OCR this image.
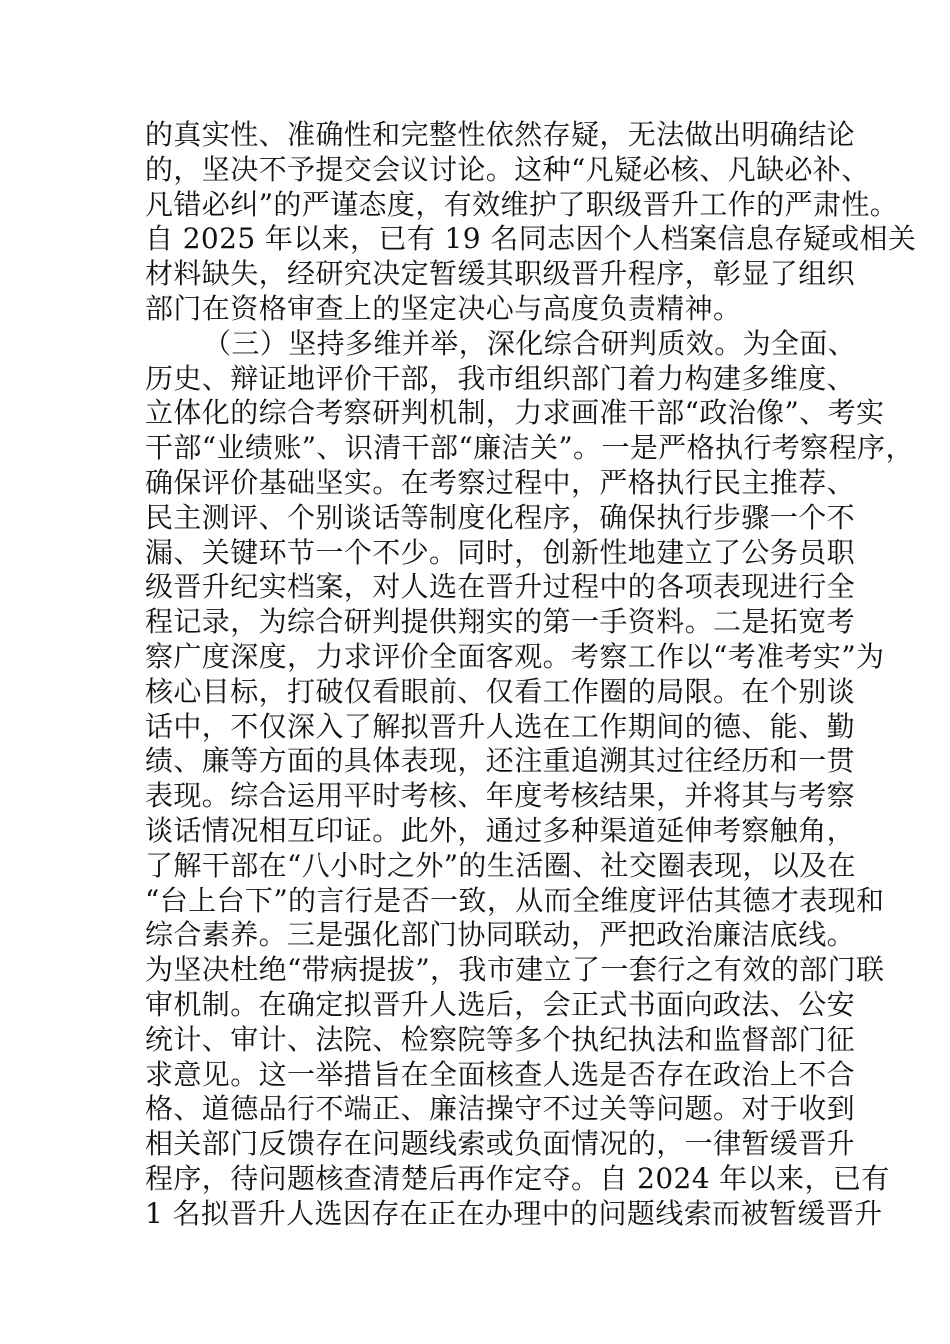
的真实性、准确性和完整性依然存疑，无法做出明确结论
的，坚决不予提交会议讨论。这种“凡疑必核、凡缺必补、
凡错必纠”的严谨态度，有效维护了职级晋升工作的严肃性。
自 2025 年以来，已有 19 名同志因个人档案信息存疑或相关
材料缺失，经研究决定暂缓其职级晋升程序，彰显了组织
部门在资格审查上的坚定决心与高度负责精神。
（三）坚持多维并举，深化综合研判质效。为全面、
历史、辩证地评价干部，我市组织部门着力构建多维度、
立体化的综合考察研判机制，力求画准干部“政治像”、考实
干部“业绩账”、识清干部“廉洁关”。一是严格执行考察程序，
确保评价基础坚实。在考察过程中，严格执行民主推荐、
民主测评、个别谈话等制度化程序，确保执行步骤一个不
漏、关键环节一个不少。同时，创新性地建立了公务员职
级晋升纪实档案，对人选在晋升过程中的各项表现进行全
程记录，为综合研判提供翔实的第一手资料。二是拓宽考
察广度深度，力求评价全面客观。考察工作以“考准考实”为
核心目标，打破仅看眼前、仅看工作圈的局限。在个别谈
话中，不仅深入了解拟晋升人选在工作期间的德、能、勤
绩、廉等方面的具体表现，还注重追溯其过往经历和一贯
表现。综合运用平时考核、年度考核结果，并将其与考察
谈话情况相互印证。此外，通过多种渠道延伸考察触角，
了解干部在“八小时之外”的生活圈、社交圈表现，以及在
“台上台下”的言行是否一致，从而全维度评估其德才表现和
综合素养。三是强化部门协同联动，严把政治廉洁底线。
为坚决杜绝“带病提拔”，我市建立了一套行之有效的部门联
审机制。在确定拟晋升人选后，会正式书面向政法、公安
统计、审计、法院、检察院等多个执纪执法和监督部门征
求意见。这一举措旨在全面核查人选是否存在政治上不合
格、道德品行不端正、廉洁操守不过关等问题。对于收到
相关部门反馈存在问题线索或负面情况的，一律暂缓晋升
程序，待问题核查清楚后再作定夺。自 2024 年以来，已有
1 名拟晋升人选因存在正在办理中的问题线索而被暂缓晋升
